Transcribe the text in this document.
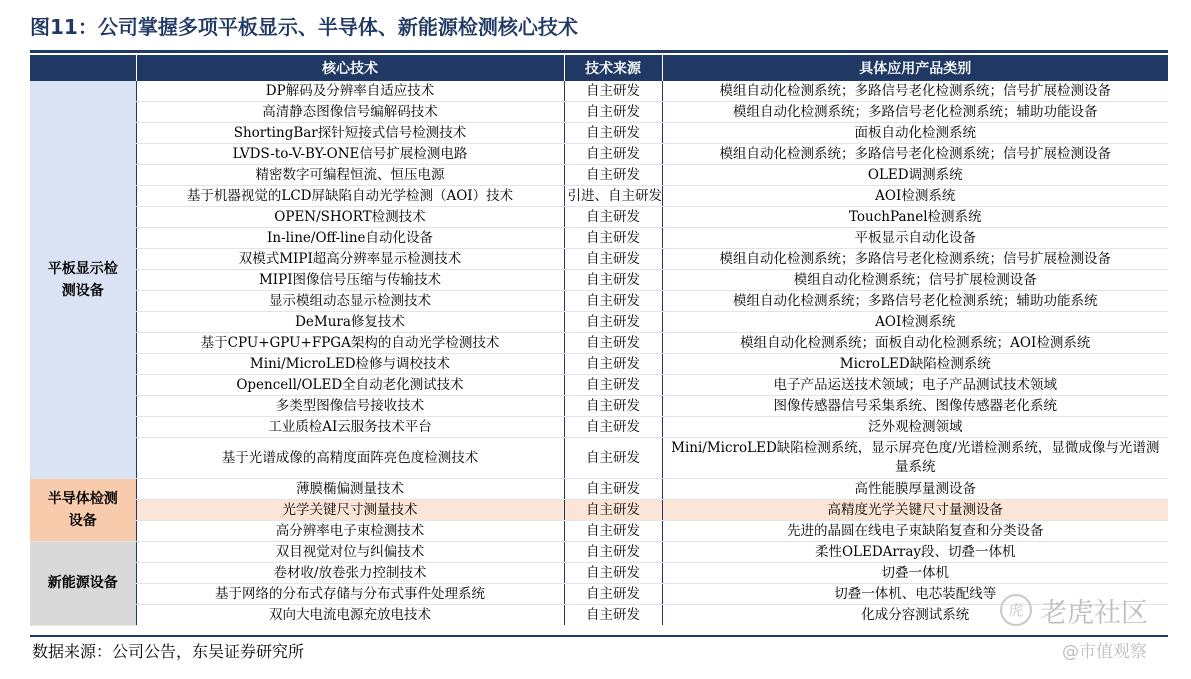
图11：公司掌握多项平板显示、半导体、新能源检测核心技术
	核心技术	技术来源	具体应用产品类别
平板显示检测设备	DP解码及分辨率自适应技术	自主研发	模组自动化检测系统；多路信号老化检测系统；信号扩展检测设备
	高清静态图像信号编解码技术	自主研发	模组自动化检测系统；多路信号老化检测系统；辅助功能设备
	ShortingBar探针短接式信号检测技术	自主研发	面板自动化检测系统
	LVDS-to-V-BY-ONE信号扩展检测电路	自主研发	模组自动化检测系统；多路信号老化检测系统；信号扩展检测设备
	精密数字可编程恒流、恒压电源	自主研发	OLED调测系统
	基于机器视觉的LCD屏缺陷自动光学检测（AOI）技术	引进、自主研发	AOI检测系统
	OPEN/SHORT检测技术	自主研发	TouchPanel检测系统
	In-line/Off-line自动化设备	自主研发	平板显示自动化设备
	双模式MIPI超高分辨率显示检测技术	自主研发	模组自动化检测系统；多路信号老化检测系统；信号扩展检测设备
	MIPI图像信号压缩与传输技术	自主研发	模组自动化检测系统；信号扩展检测设备
	显示模组动态显示检测技术	自主研发	模组自动化检测系统；多路信号老化检测系统；辅助功能系统
	DeMura修复技术	自主研发	AOI检测系统
	基于CPU+GPU+FPGA架构的自动光学检测技术	自主研发	模组自动化检测系统；面板自动化检测系统；AOI检测系统
	Mini/MicroLED检修与调校技术	自主研发	MicroLED缺陷检测系统
	Opencell/OLED全自动老化测试技术	自主研发	电子产品运送技术领域；电子产品测试技术领域
	多类型图像信号接收技术	自主研发	图像传感器信号采集系统、图像传感器老化系统
	工业质检AI云服务技术平台	自主研发	泛外观检测领域
	基于光谱成像的高精度面阵亮色度检测技术	自主研发	Mini/MicroLED缺陷检测系统，显示屏亮色度/光谱检测系统，显微成像与光谱测量系统
半导体检测设备	薄膜椭偏测量技术	自主研发	高性能膜厚量测设备
	光学关键尺寸测量技术	自主研发	高精度光学关键尺寸量测设备
	高分辨率电子束检测技术	自主研发	先进的晶圆在线电子束缺陷复查和分类设备
新能源设备	双目视觉对位与纠偏技术	自主研发	柔性OLEDArray段、切叠一体机
	卷材收/放卷张力控制技术	自主研发	切叠一体机
	基于网络的分布式存储与分布式事件处理系统	自主研发	切叠一体机、电芯装配线等
	双向大电流电源充放电技术	自主研发	化成分容测试系统
数据来源：公司公告，东吴证券研究所
虎 老虎社区
@市值观察
